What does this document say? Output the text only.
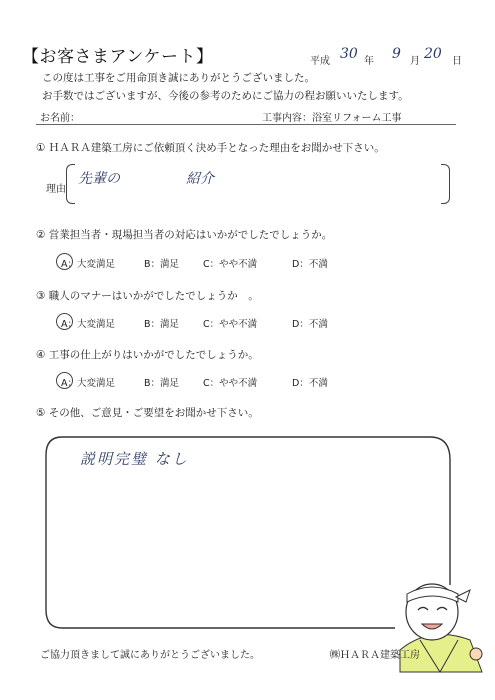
【お客さまアンケート】	平成 30 年 9 月 20 日
この度は工事をご用命頂き誠にありがとうございました。
お手数ではございますが、今後の参考のためにご協力の程お願いいたします。
お名前：	工事内容：浴室リフォーム工事
① ＨＡＲＡ建築工房にご依頼頂く決め手となった理由をお聞かせ下さい。
理由
先輩の	紹介
② 営業担当者・現場担当者の対応はいかがでしたでしょうか。
A：大変満足	B：満足	C：やや不満	D：不満
③ 職人のマナーはいかがでしたでしょうか　。
A：大変満足	B：満足	C：やや不満	D：不満
④ 工事の仕上がりはいかがでしたでしょうか。
A：大変満足	B：満足	C：やや不満	D：不満
⑤ その他、ご意見・ご要望をお聞かせ下さい。
説明完璧 なし
ご協力頂きまして誠にありがとうございました。	㈱ＨＡＲＡ建築工房
